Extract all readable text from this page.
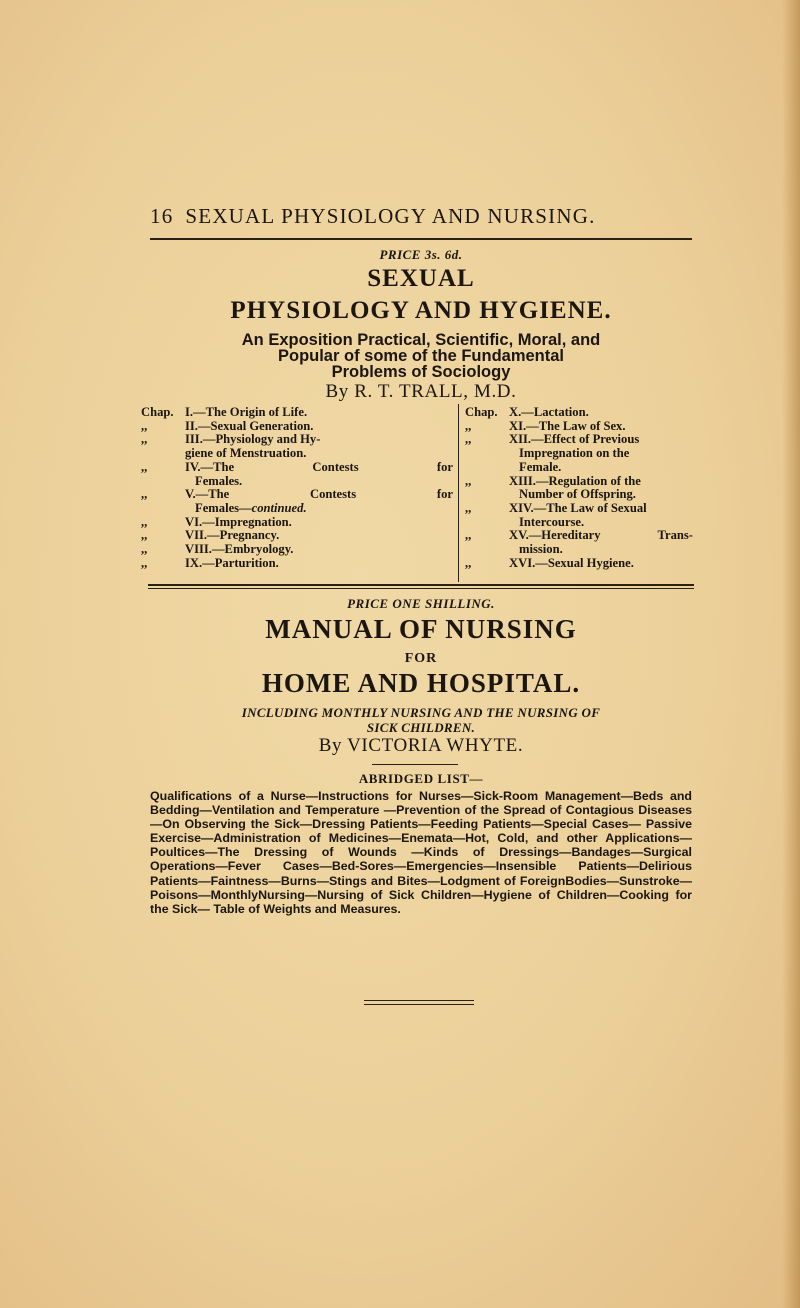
16 SEXUAL PHYSIOLOGY AND NURSING.
PRICE 3s. 6d.
SEXUAL
PHYSIOLOGY AND HYGIENE.
An Exposition Practical, Scientific, Moral, and
Popular of some of the Fundamental
Problems of Sociology
By R. T. TRALL, M.D.
Chap. I.—The Origin of Life.
,,	II.—Sexual Generation.
,,	III.—Physiology and Hy-
giene of Menstruation.
,,	IV.—The Contests for
Females.
,,	V.—The Contests for
Females—continued.
,,	VI.—Impregnation.
,,	VII.—Pregnancy.
,,	VIII.—Embryology.
,,	IX.—Parturition.
Chap. X.—Lactation.
,,	XI.—The Law of Sex.
,,	XII.—Effect of Previous
Impregnation on the
Female.
,,	XIII.—Regulation of the
Number of Offspring.
,,	XIV.—The Law of Sexual
Intercourse.
,,	XV.—Hereditary Trans-
mission.
,,	XVI.—Sexual Hygiene.
PRICE ONE SHILLING.
MANUAL OF NURSING
FOR
HOME AND HOSPITAL.
INCLUDING MONTHLY NURSING AND THE NURSING OF
SICK CHILDREN.
By VICTORIA WHYTE.
ABRIDGED LIST—
Qualifications of a Nurse—Instructions for Nurses—Sick-Room Management—Beds and Bedding—Ventilation and Temperature —Prevention of the Spread of Contagious Diseases—On Observing the Sick—Dressing Patients—Feeding Patients—Special Cases— Passive Exercise—Administration of Medicines—Enemata—Hot, Cold, and other Applications—Poultices—The Dressing of Wounds —Kinds of Dressings—Bandages—Surgical Operations—Fever Cases—Bed-Sores—Emergencies—Insensible Patients—Delirious Patients—Faintness—Burns—Stings and Bites—Lodgment of ForeignBodies—Sunstroke—Poisons—MonthlyNursing—Nursing of Sick Children—Hygiene of Children—Cooking for the Sick— Table of Weights and Measures.
